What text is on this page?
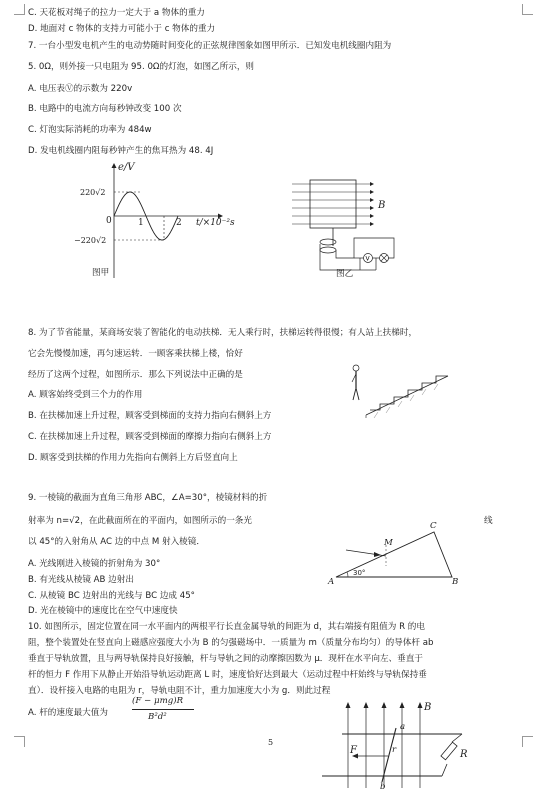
C. 天花板对绳子的拉力一定大于 a 物体的重力
D. 地面对 c 物体的支持力可能小于 c 物体的重力
7. 一台小型发电机产生的电动势随时间变化的正弦规律图象如图甲所示．已知发电机线圈内阻为
5. 0Ω，则外接一只电阻为 95. 0Ω的灯泡，如图乙所示，则
A. 电压表Ⓥ的示数为 220v
B. 电路中的电流方向每秒钟改变 100 次
C. 灯泡实际消耗的功率为 484w
D. 发电机线圈内阻每秒钟产生的焦耳热为 48. 4J
e/V
220√2
−220√2
0	1	2 t/×10⁻²s
图甲
V
B
图乙
8. 为了节省能量，某商场安装了智能化的电动扶梯．无人乘行时，扶梯运转得很慢；有人站上扶梯时，
它会先慢慢加速，再匀速运转．一顾客乘扶梯上楼，恰好
经历了这两个过程，如图所示．那么下列说法中正确的是
A. 顾客始终受到三个力的作用
B. 在扶梯加速上升过程，顾客受到梯面的支持力指向右侧斜上方
C. 在扶梯加速上升过程，顾客受到梯面的摩擦力指向右侧斜上方
D. 顾客受到扶梯的作用力先指向右侧斜上方后竖直向上
9. 一棱镜的截面为直角三角形 ABC，∠A=30°，棱镜材料的折
射率为 n=√2，在此截面所在的平面内，如图所示的一条光	线
以 45°的入射角从 AC 边的中点 M 射入棱镜．
A. 光线刚进入棱镜的折射角为 30°
B. 有光线从棱镜 AB 边射出
C. 从棱镜 BC 边射出的光线与 BC 边成 45°
D. 光在棱镜中的速度比在空气中速度快
A	B
C
M
30°
10. 如图所示，固定位置在同一水平面内的两根平行长直金属导轨的间距为 d，其右端接有阻值为 R 的电
阻，整个装置处在竖直向上磁感应强度大小为 B 的匀强磁场中．一质量为 m（质量分布均匀）的导体杆 ab
垂直于导轨放置，且与两导轨保持良好接触，杆与导轨之间的动摩擦因数为 μ．现杆在水平向左、垂直于
杆的恒力 F 作用下从静止开始沿导轨运动距离 L 时，速度恰好达到最大（运动过程中杆始终与导轨保持垂
直）．设杆接入电路的电阻为 r，导轨电阻不计，重力加速度大小为 g．则此过程
A. 杆的速度最大值为
(F − μmg)R
B²d²
B
F	R
r
a
b
5
